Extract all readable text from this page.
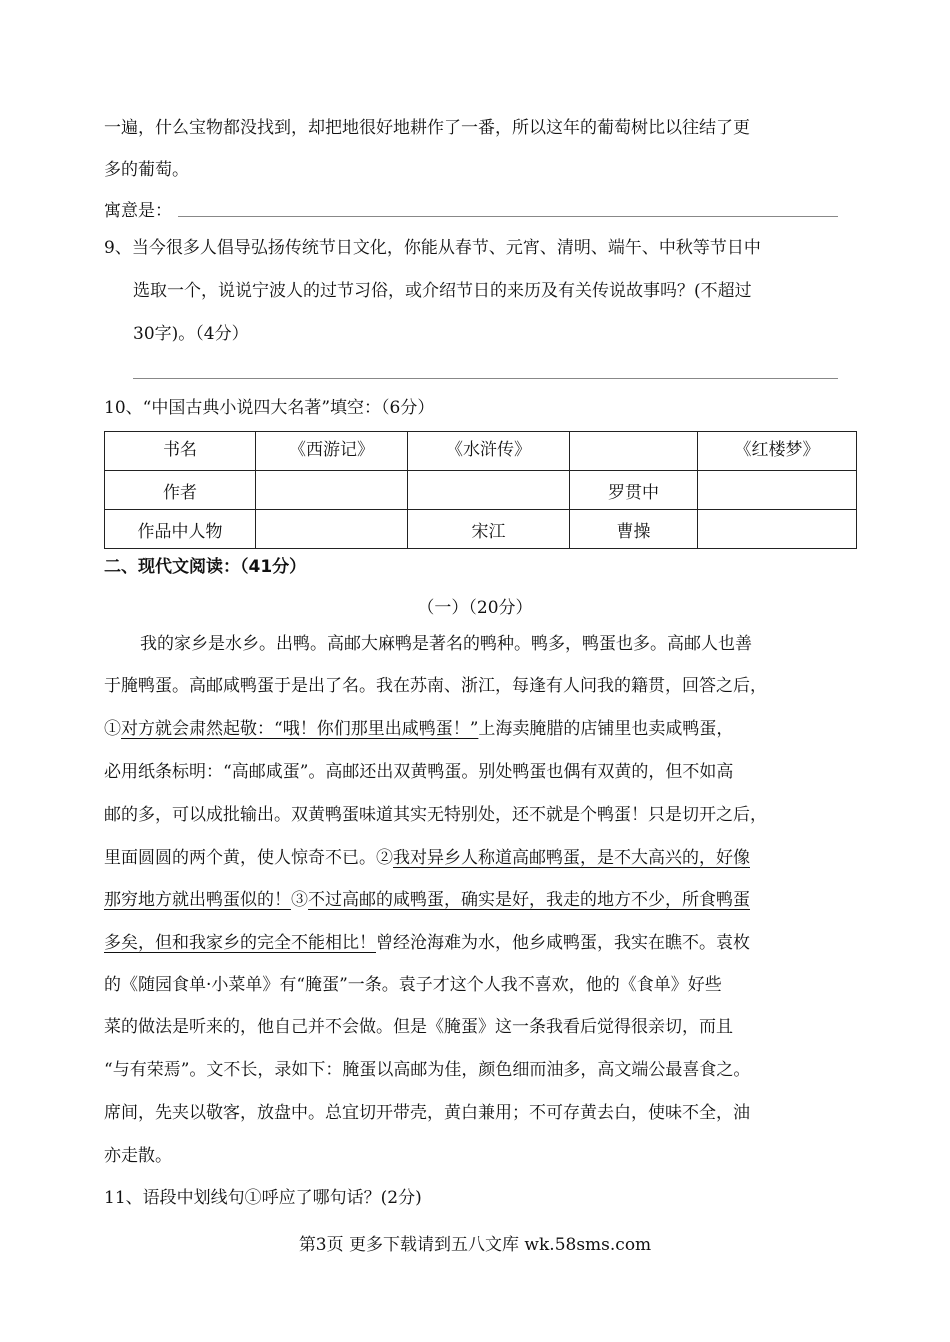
一遍，什么宝物都没找到，却把地很好地耕作了一番，所以这年的葡萄树比以往结了更
多的葡萄。
寓意是：
9、当今很多人倡导弘扬传统节日文化，你能从春节、元宵、清明、端午、中秋等节日中
选取一个，说说宁波人的过节习俗，或介绍节日的来历及有关传说故事吗？(不超过
30字)。（4分）
10、“中国古典小说四大名著”填空：（6分）
书名	《西游记》	《水浒传》		《红楼梦》
作者			罗贯中	
作品中人物		宋江	曹操	
二、现代文阅读：（41分）
（一）（20分）
我的家乡是水乡。出鸭。高邮大麻鸭是著名的鸭种。鸭多，鸭蛋也多。高邮人也善
于腌鸭蛋。高邮咸鸭蛋于是出了名。我在苏南、浙江，每逢有人问我的籍贯，回答之后，
①对方就会肃然起敬：“哦！你们那里出咸鸭蛋！”上海卖腌腊的店铺里也卖咸鸭蛋，
必用纸条标明：“高邮咸蛋”。高邮还出双黄鸭蛋。别处鸭蛋也偶有双黄的，但不如高
邮的多，可以成批输出。双黄鸭蛋味道其实无特别处，还不就是个鸭蛋！只是切开之后，
里面圆圆的两个黄，使人惊奇不已。②我对异乡人称道高邮鸭蛋，是不大高兴的，好像
那穷地方就出鸭蛋似的！③不过高邮的咸鸭蛋，确实是好，我走的地方不少，所食鸭蛋
多矣，但和我家乡的完全不能相比！曾经沧海难为水，他乡咸鸭蛋，我实在瞧不。袁枚
的《随园食单·小菜单》有“腌蛋”一条。袁子才这个人我不喜欢，他的《食单》好些
菜的做法是听来的，他自己并不会做。但是《腌蛋》这一条我看后觉得很亲切，而且
“与有荣焉”。文不长，录如下：腌蛋以高邮为佳，颜色细而油多，高文端公最喜食之。
席间，先夹以敬客，放盘中。总宜切开带壳，黄白兼用；不可存黄去白，使味不全，油
亦走散。
11、语段中划线句①呼应了哪句话？(2分)
第3页 更多下载请到五八文库 wk.58sms.com
